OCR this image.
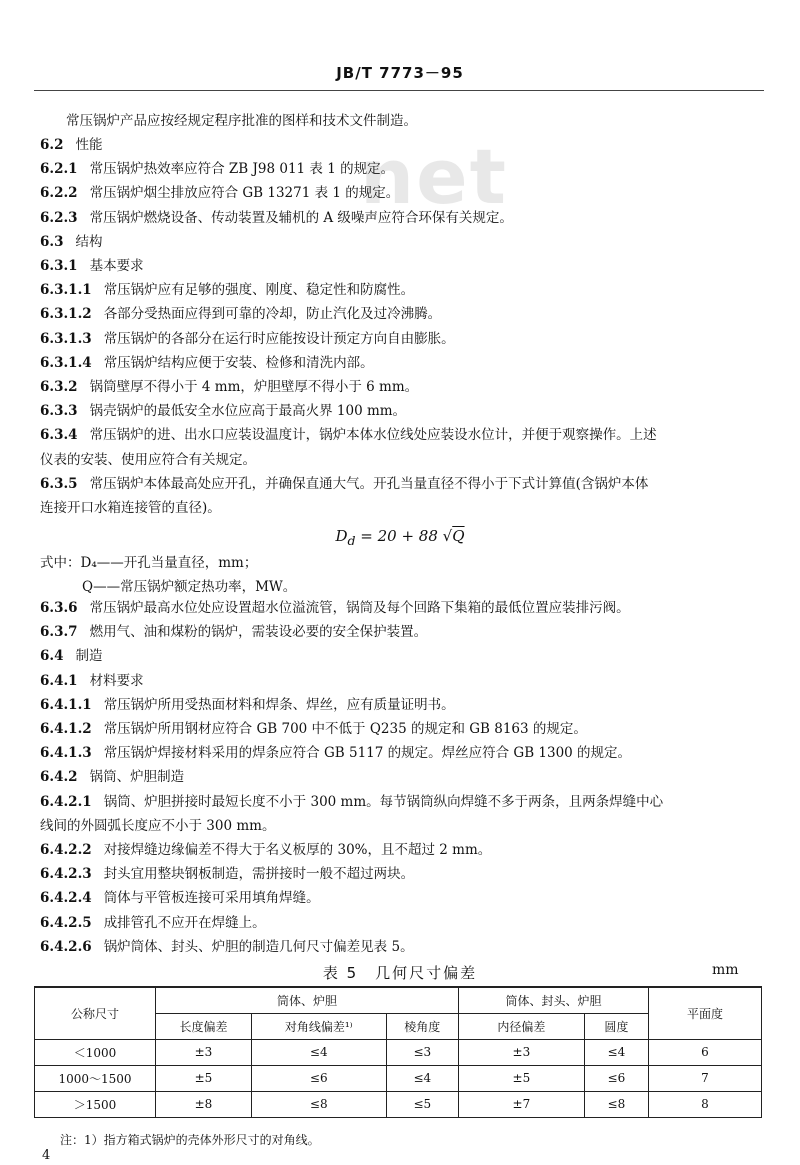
JB/T 7773－95
net
常压锅炉产品应按经规定程序批准的图样和技术文件制造。
6.2 性能
6.2.1 常压锅炉热效率应符合 ZB J98 011 表 1 的规定。
6.2.2 常压锅炉烟尘排放应符合 GB 13271 表 1 的规定。
6.2.3 常压锅炉燃烧设备、传动装置及辅机的 A 级噪声应符合环保有关规定。
6.3 结构
6.3.1 基本要求
6.3.1.1 常压锅炉应有足够的强度、刚度、稳定性和防腐性。
6.3.1.2 各部分受热面应得到可靠的冷却，防止汽化及过冷沸腾。
6.3.1.3 常压锅炉的各部分在运行时应能按设计预定方向自由膨胀。
6.3.1.4 常压锅炉结构应便于安装、检修和清洗内部。
6.3.2 锅筒壁厚不得小于 4 mm，炉胆壁厚不得小于 6 mm。
6.3.3 锅壳锅炉的最低安全水位应高于最高火界 100 mm。
6.3.4 常压锅炉的进、出水口应装设温度计，锅炉本体水位线处应装设水位计，并便于观察操作。上述
仪表的安装、使用应符合有关规定。
6.3.5 常压锅炉本体最高处应开孔，并确保直通大气。开孔当量直径不得小于下式计算值(含锅炉本体
连接开口水箱连接管的直径)。
$D_d = 20 + 88$ √Q
式中：D₄——开孔当量直径，mm；
Q——常压锅炉额定热功率，MW。
6.3.6 常压锅炉最高水位处应设置超水位溢流管，锅筒及每个回路下集箱的最低位置应装排污阀。
6.3.7 燃用气、油和煤粉的锅炉，需装设必要的安全保护装置。
6.4 制造
6.4.1 材料要求
6.4.1.1 常压锅炉所用受热面材料和焊条、焊丝，应有质量证明书。
6.4.1.2 常压锅炉所用钢材应符合 GB 700 中不低于 Q235 的规定和 GB 8163 的规定。
6.4.1.3 常压锅炉焊接材料采用的焊条应符合 GB 5117 的规定。焊丝应符合 GB 1300 的规定。
6.4.2 锅筒、炉胆制造
6.4.2.1 锅筒、炉胆拼接时最短长度不小于 300 mm。每节锅筒纵向焊缝不多于两条，且两条焊缝中心
线间的外圆弧长度应不小于 300 mm。
6.4.2.2 对接焊缝边缘偏差不得大于名义板厚的 30%，且不超过 2 mm。
6.4.2.3 封头宜用整块钢板制造，需拼接时一般不超过两块。
6.4.2.4 筒体与平管板连接可采用填角焊缝。
6.4.2.5 成排管孔不应开在焊缝上。
6.4.2.6 锅炉筒体、封头、炉胆的制造几何尺寸偏差见表 5。
表 5　几何尺寸偏差	mm
公称尺寸	筒体、炉胆			筒体、封头、炉胆		平面度
	长度偏差	对角线偏差¹⁾	棱角度	内径偏差	圆度	
＜1000	±3	≤4	≤3	±3	≤4	6
1000～1500	±5	≤6	≤4	±5	≤6	7
＞1500	±8	≤8	≤5	±7	≤8	8
注：1）指方箱式锅炉的壳体外形尺寸的对角线。
4
